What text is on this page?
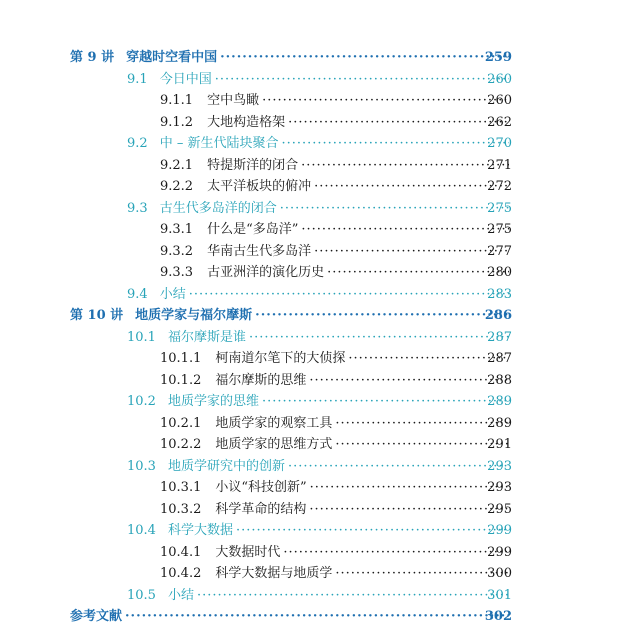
第 9 讲 穿越时空看中国 ·····	259
9.1 今日中国 ·····	260
9.1.1 空中鸟瞰 ·····	260
9.1.2 大地构造格架 ·····	262
9.2 中 – 新生代陆块聚合 ·····	270
9.2.1 特提斯洋的闭合 ·····	271
9.2.2 太平洋板块的俯冲 ·····	272
9.3 古生代多岛洋的闭合 ·····	275
9.3.1 什么是“多岛洋” ·····	275
9.3.2 华南古生代多岛洋 ·····	277
9.3.3 古亚洲洋的演化历史 ·····	280
9.4 小结 ·····	283
第 10 讲 地质学家与福尔摩斯 ·····	286
10.1 福尔摩斯是谁 ·····	287
10.1.1 柯南道尔笔下的大侦探 ·····	287
10.1.2 福尔摩斯的思维 ·····	288
10.2 地质学家的思维 ·····	289
10.2.1 地质学家的观察工具 ·····	289
10.2.2 地质学家的思维方式 ·····	291
10.3 地质学研究中的创新 ·····	293
10.3.1 小议“科技创新” ·····	293
10.3.2 科学革命的结构 ·····	295
10.4 科学大数据 ·····	299
10.4.1 大数据时代 ·····	299
10.4.2 科学大数据与地质学 ·····	300
10.5 小结 ·····	301
参考文献 ·····	302
